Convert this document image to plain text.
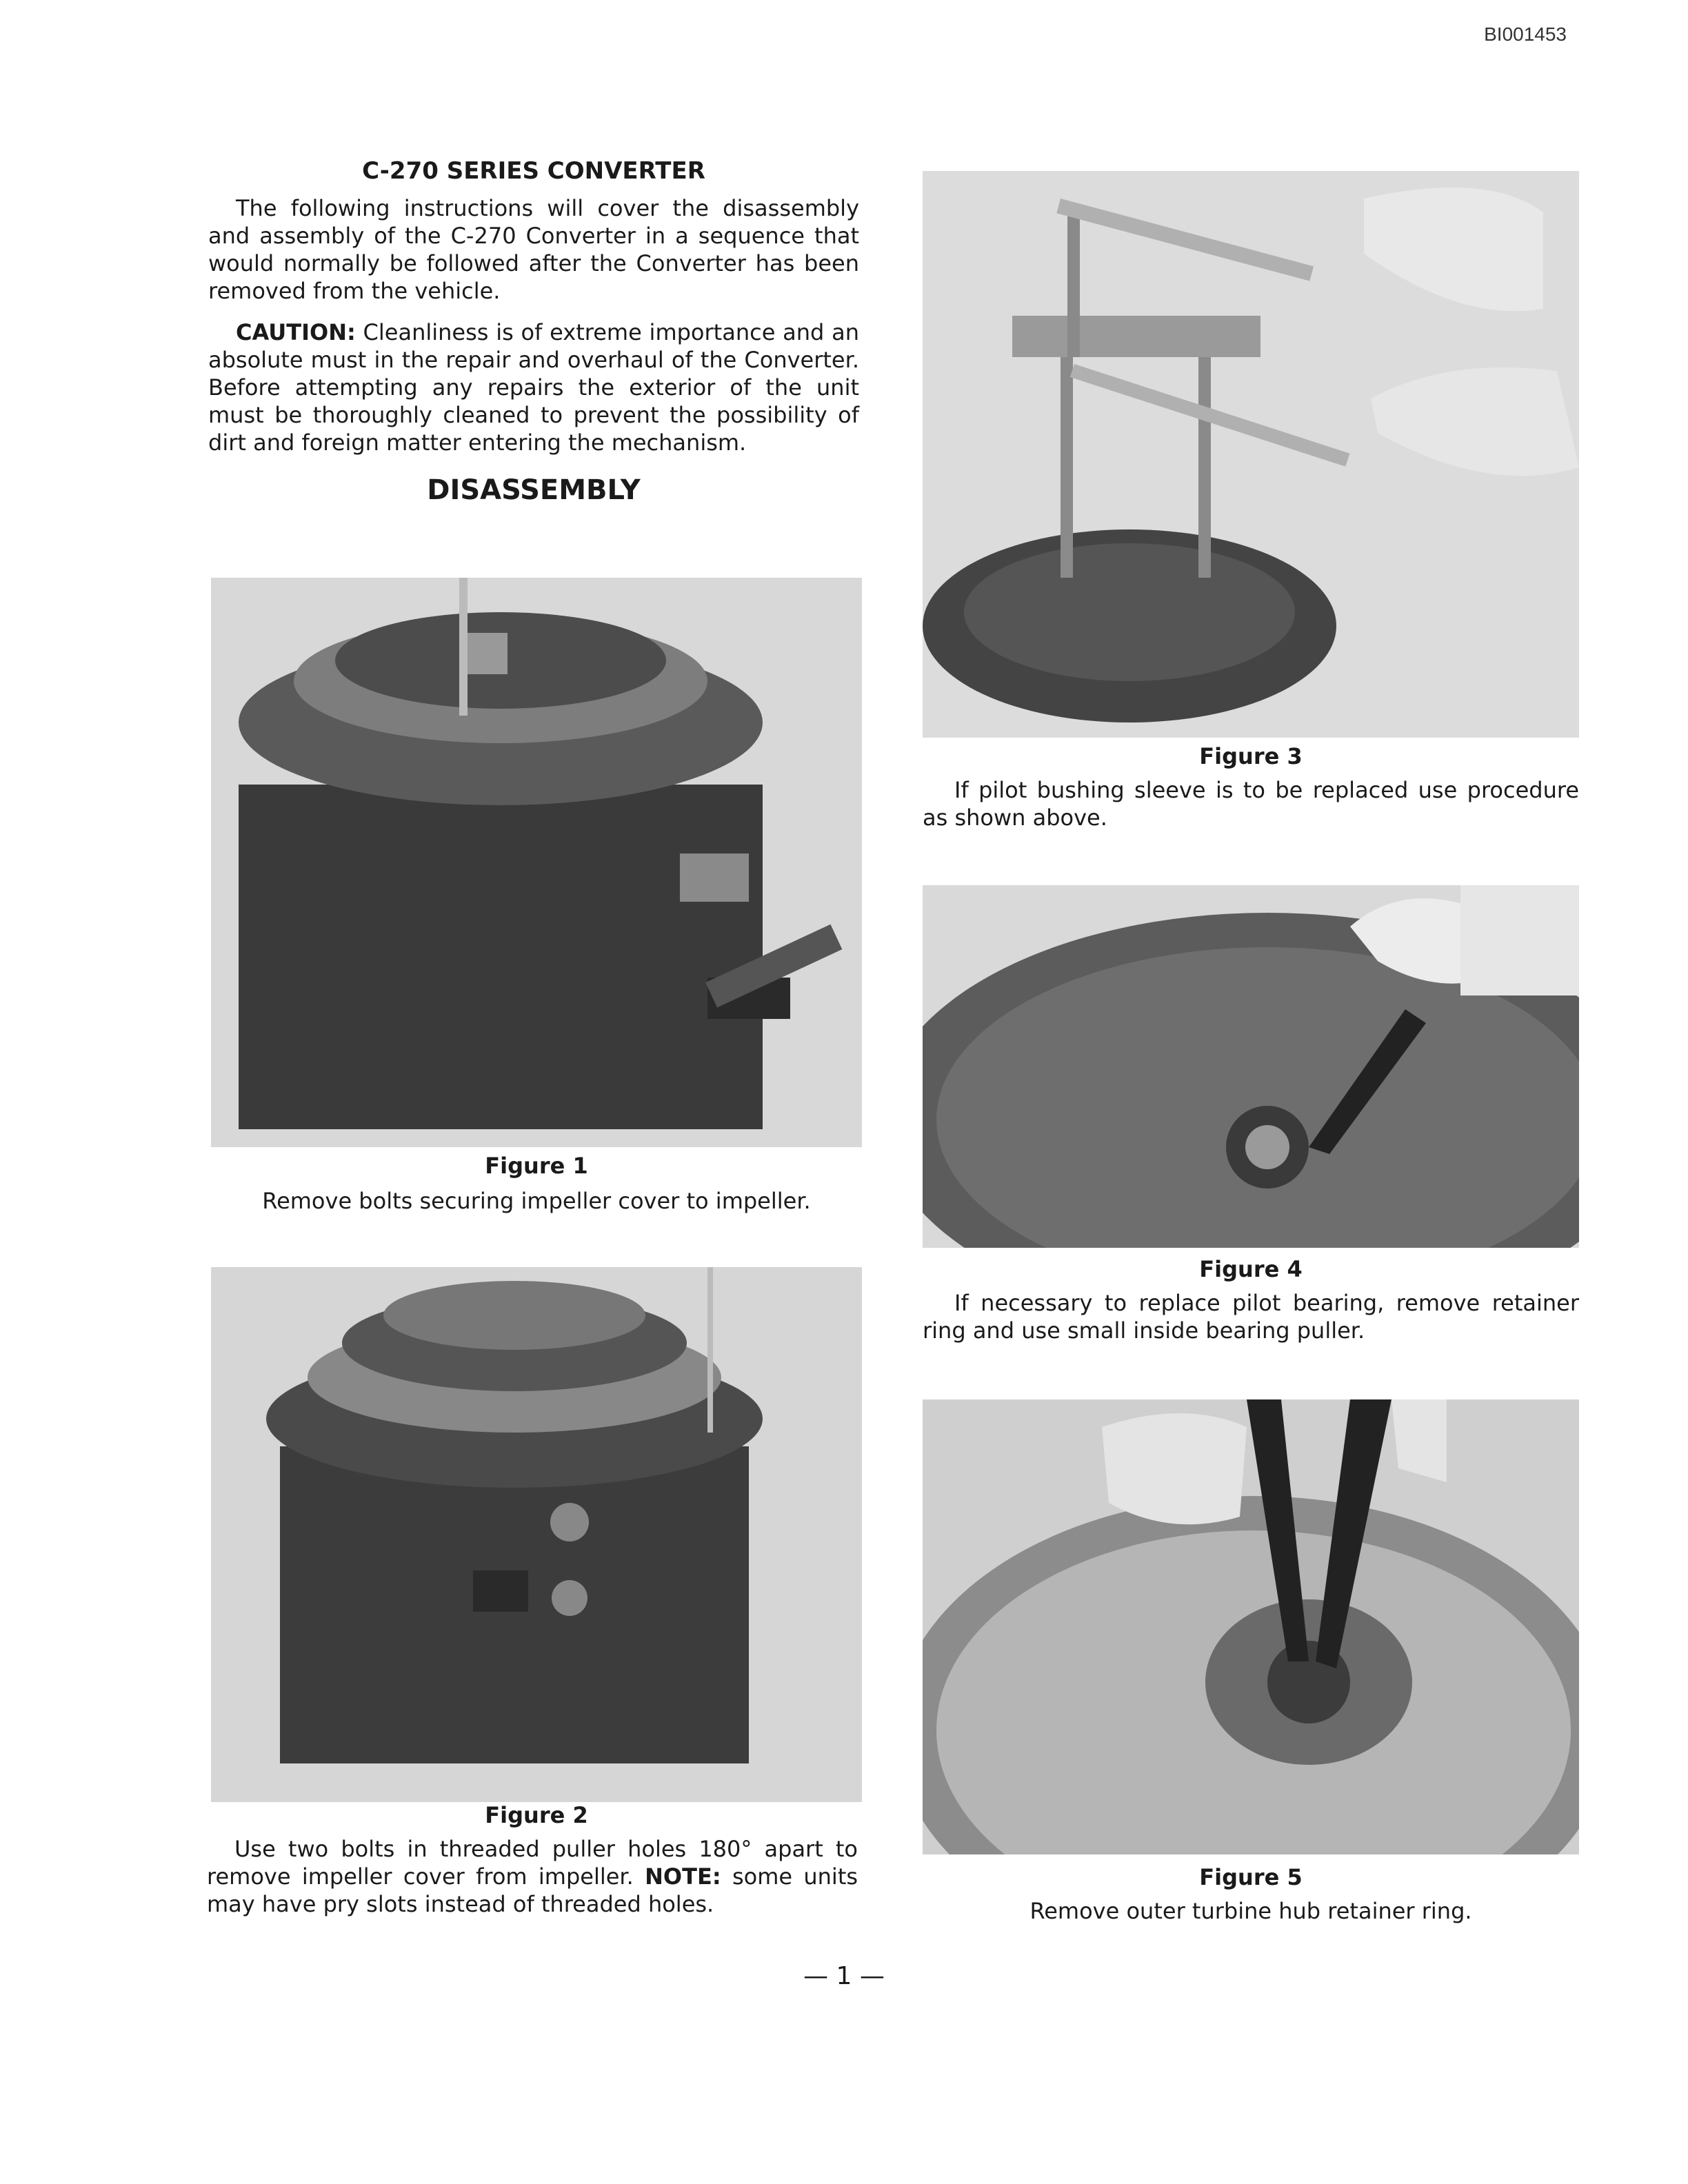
BI001453
C-270 SERIES CONVERTER

The following instructions will cover the disassembly and assembly of the C-270 Converter in a sequence that would normally be followed after the Converter has been removed from the vehicle.

CAUTION: Cleanliness is of extreme importance and an absolute must in the repair and overhaul of the Converter. Before attempting any repairs the exterior of the unit must be thoroughly cleaned to prevent the possibility of dirt and foreign matter entering the mechanism.

DISASSEMBLY
Figure 1
Remove bolts securing impeller cover to impeller.
Figure 2
Use two bolts in threaded puller holes 180° apart to remove impeller cover from impeller. NOTE: some units may have pry slots instead of threaded holes.
Figure 3
If pilot bushing sleeve is to be replaced use procedure as shown above.
Figure 4
If necessary to replace pilot bearing, remove retainer ring and use small inside bearing puller.
Figure 5
Remove outer turbine hub retainer ring.
— 1 —
